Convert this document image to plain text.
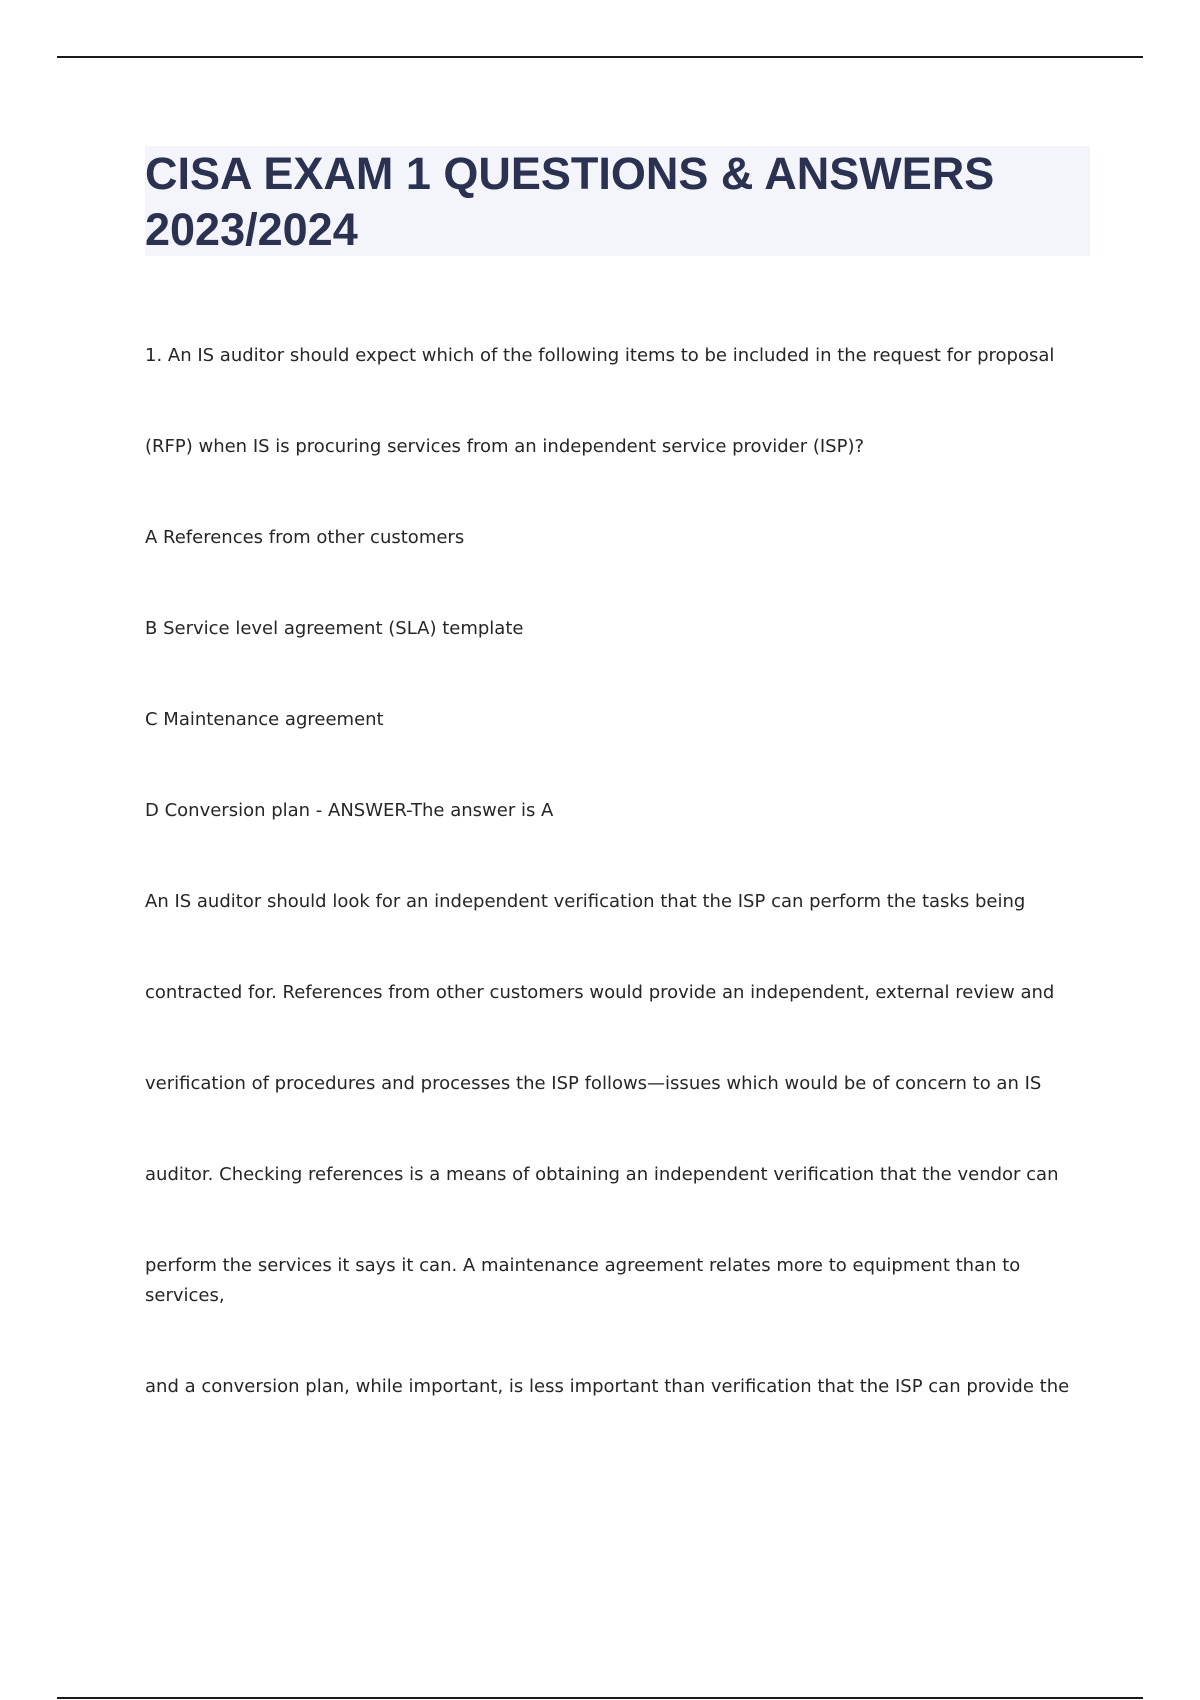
CISA EXAM 1 QUESTIONS & ANSWERS 2023/2024

1. An IS auditor should expect which of the following items to be included in the request for proposal

(RFP) when IS is procuring services from an independent service provider (ISP)?

A References from other customers

B Service level agreement (SLA) template

C Maintenance agreement

D Conversion plan - ANSWER-The answer is A

An IS auditor should look for an independent verification that the ISP can perform the tasks being

contracted for. References from other customers would provide an independent, external review and

verification of procedures and processes the ISP follows—issues which would be of concern to an IS

auditor. Checking references is a means of obtaining an independent verification that the vendor can

perform the services it says it can. A maintenance agreement relates more to equipment than to services,

and a conversion plan, while important, is less important than verification that the ISP can provide the
